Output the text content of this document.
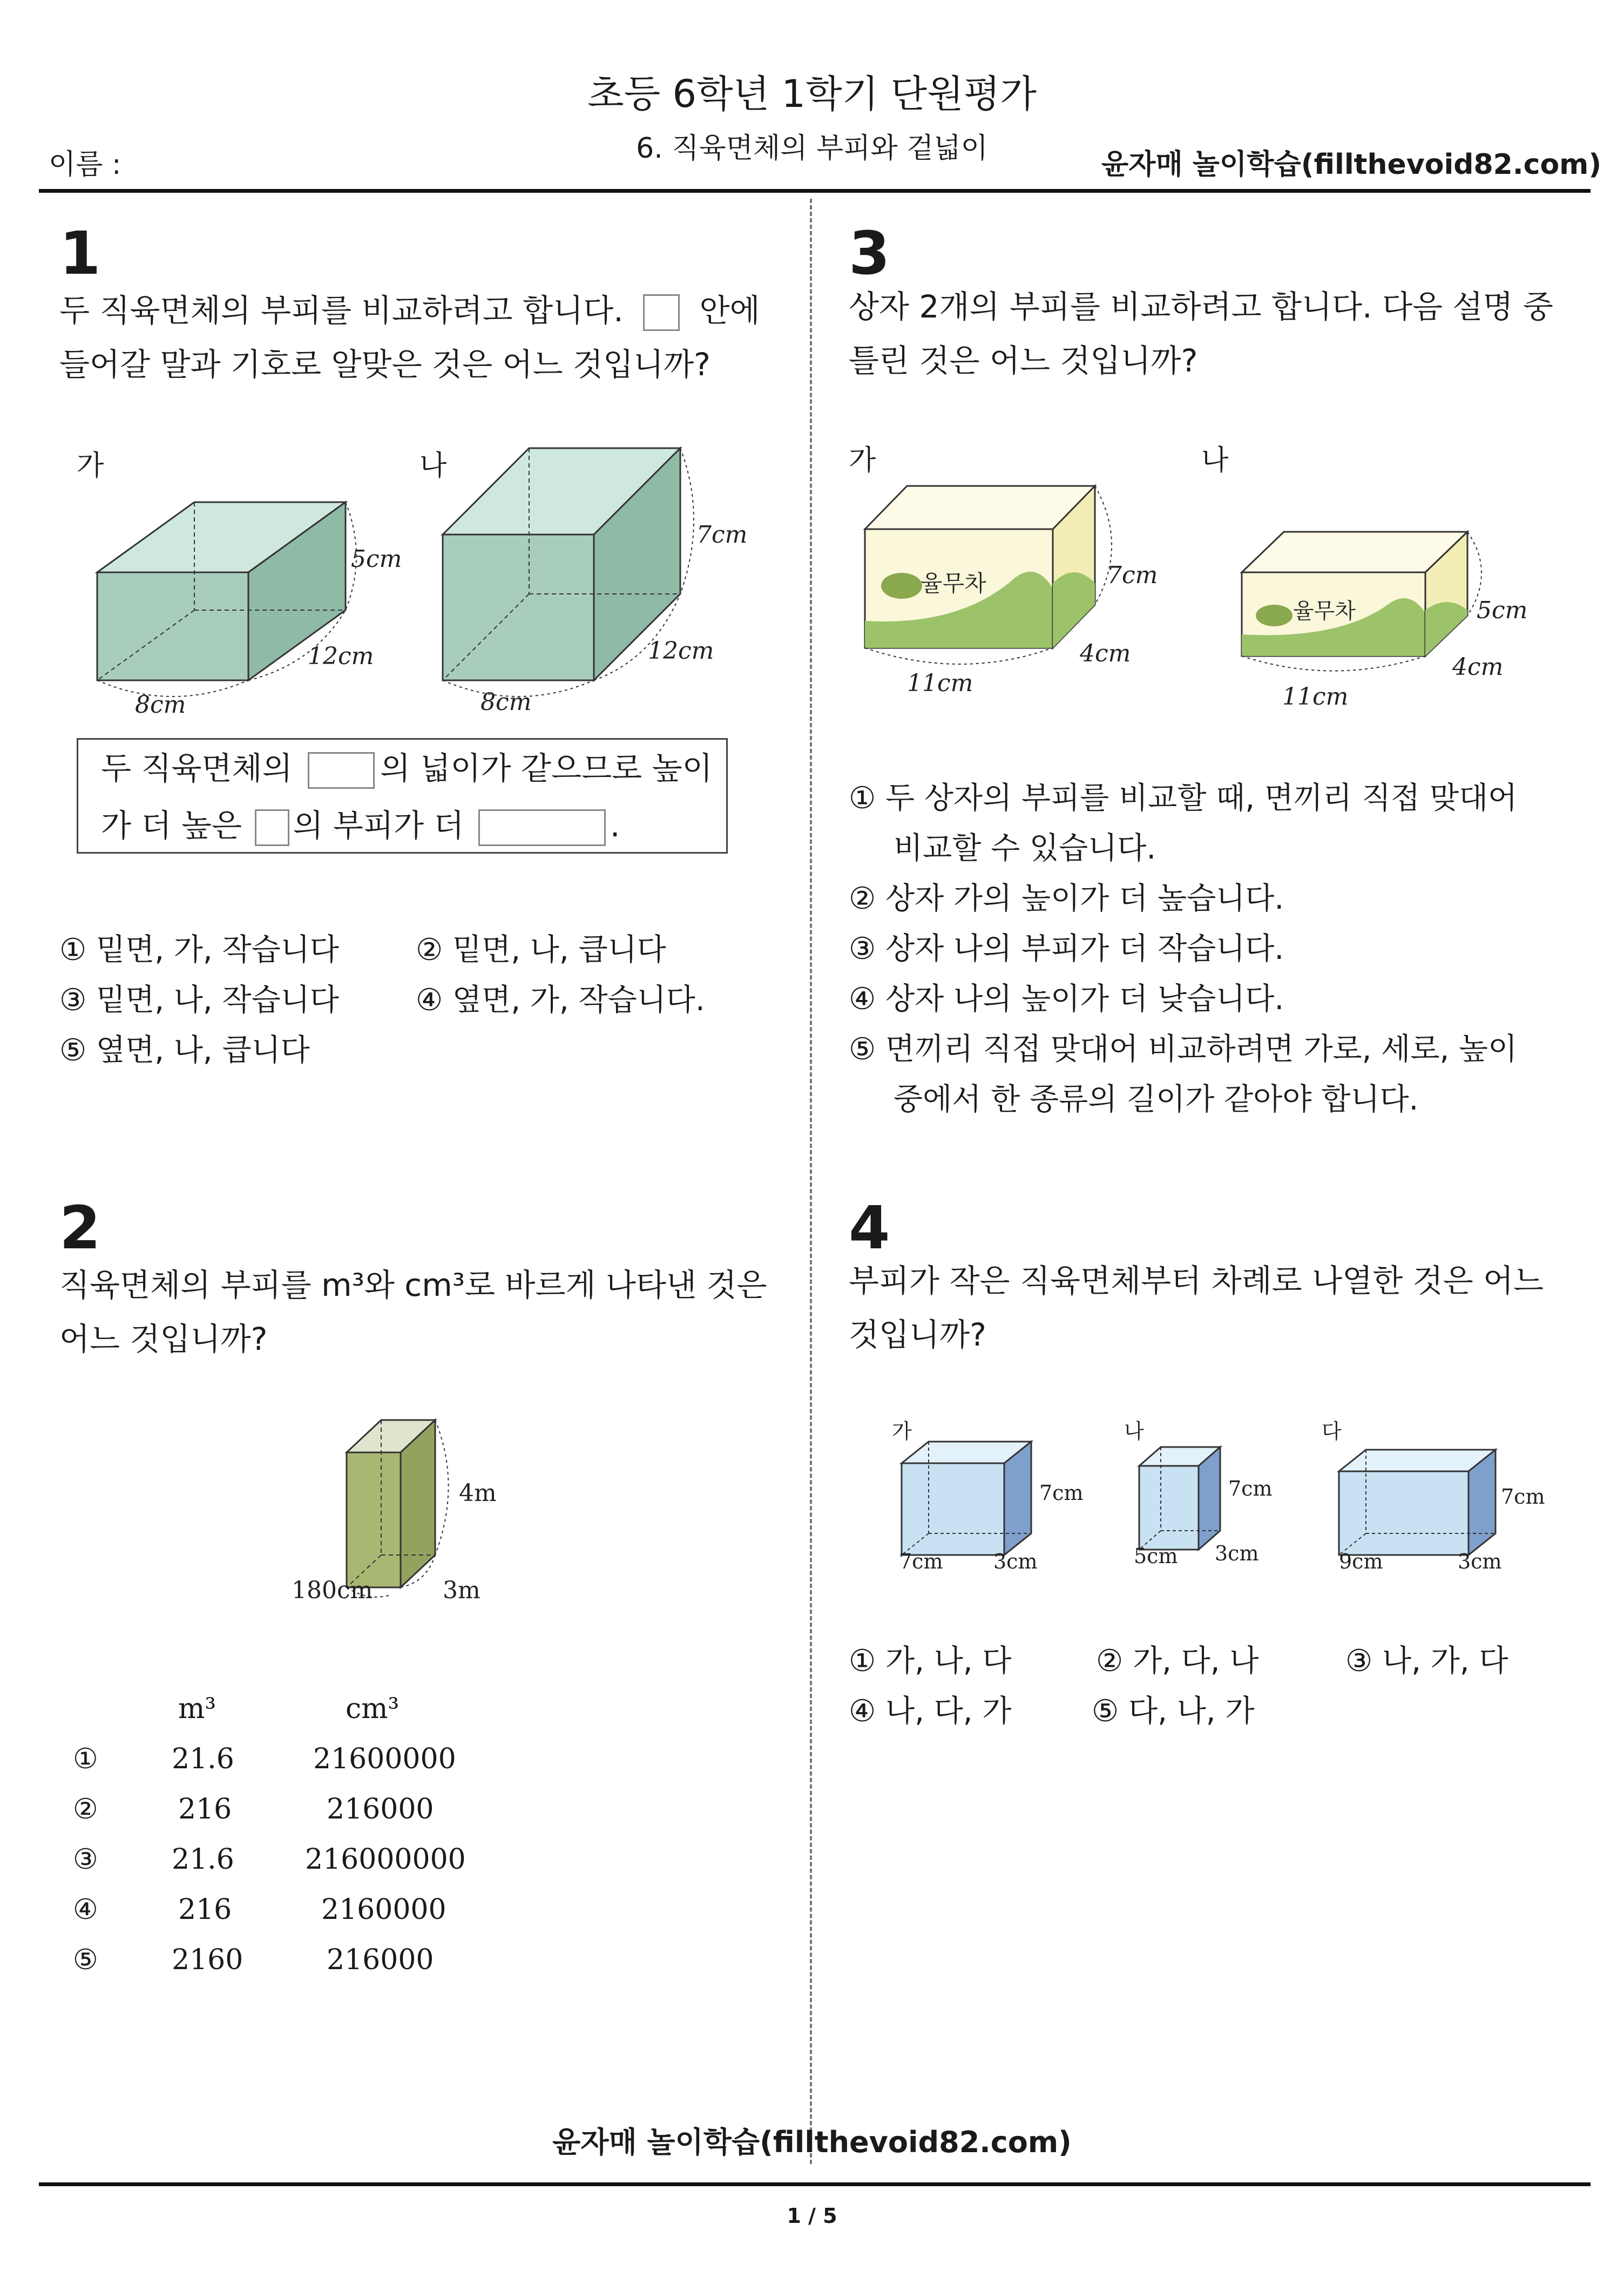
초등 6학년 1학기 단원평가
6. 직육면체의 부피와 겉넓이
이름 :	윤자매 놀이학습(fillthevoid82.com)
1
두 직육면체의 부피를 비교하려고 합니다. 안에
들어갈 말과 기호로 알맞은 것은 어느 것입니까?
가
5cm
12cm
8cm
나
7cm
12cm
8cm
두 직육면체의	의 넓이가 같으므로 높이
가 더 높은 의 부피가 더	.
① 밑면, 가, 작습니다	② 밑면, 나, 큽니다
③ 밑면, 나, 작습니다	④ 옆면, 가, 작습니다.
⑤ 옆면, 나, 큽니다
2
직육면체의 부피를 m³와 cm³로 바르게 나타낸 것은
어느 것입니까?
4m
180cm	3m
m³	cm³
①	21.6	21600000
②	216	216000
③	21.6	216000000
④	216	2160000
⑤	2160	216000
3
상자 2개의 부피를 비교하려고 합니다. 다음 설명 중
틀린 것은 어느 것입니까?
가
율무차	7cm
4cm
11cm
나
율무차	5cm
4cm
11cm
① 두 상자의 부피를 비교할 때, 면끼리 직접 맞대어
비교할 수 있습니다.
② 상자 가의 높이가 더 높습니다.
③ 상자 나의 부피가 더 작습니다.
④ 상자 나의 높이가 더 낮습니다.
⑤ 면끼리 직접 맞대어 비교하려면 가로, 세로, 높이
중에서 한 종류의 길이가 같아야 합니다.
4
부피가 작은 직육면체부터 차례로 나열한 것은 어느
것입니까?
가
7cm
7cm 3cm
나
7cm
5cm 3cm
다
7cm
9cm	3cm
① 가, 나, 다	② 가, 다, 나	③ 나, 가, 다
④ 나, 다, 가	⑤ 다, 나, 가
윤자매 놀이학습(fillthevoid82.com)
1 / 5
